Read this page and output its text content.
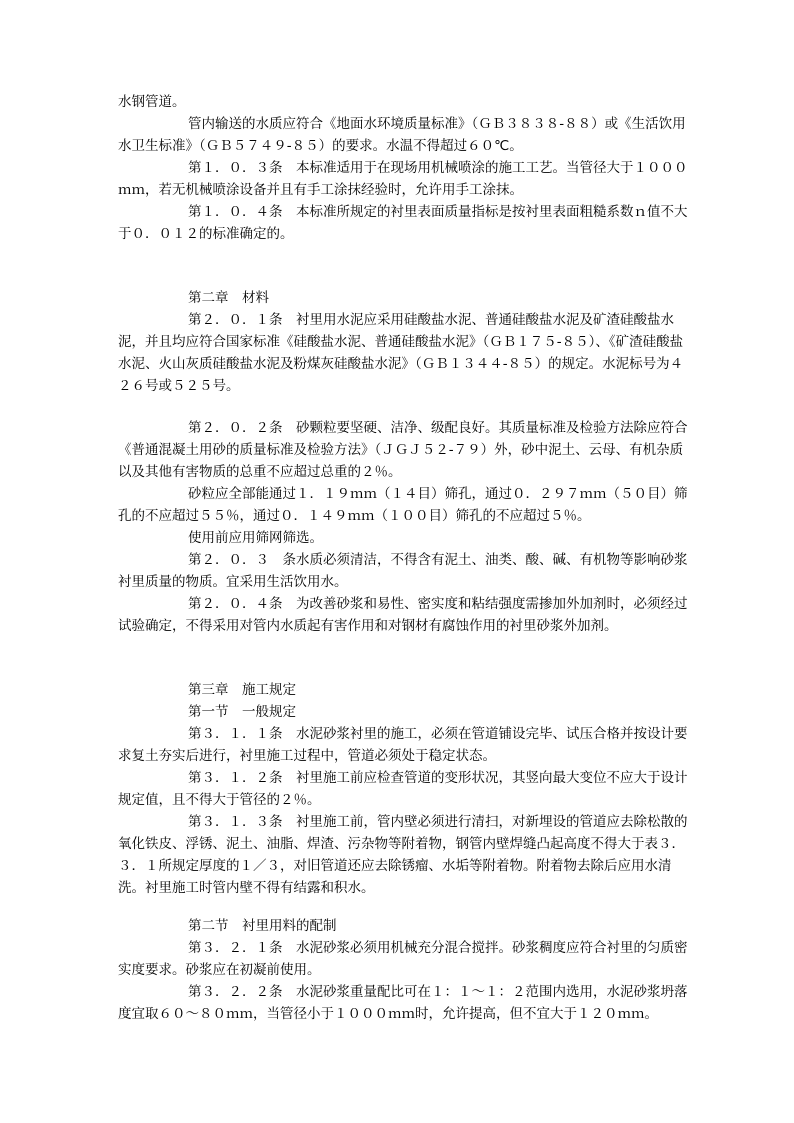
水钢管道。

管内输送的水质应符合《地面水环境质量标准》（ＧＢ３８３８-８８）或《生活饮用水卫生标准》（ＧＢ５７４９-８５）的要求。水温不得超过６０℃。

第１．０．３条　本标准适用于在现场用机械喷涂的施工工艺。当管径大于１０００ｍｍ，若无机械喷涂设备并且有手工涂抹经验时，允许用手工涂抹。

第１．０．４条　本标准所规定的衬里表面质量指标是按衬里表面粗糙系数ｎ值不大于０．０１２的标准确定的。

第二章　材料

第２．０．１条　衬里用水泥应采用硅酸盐水泥、普通硅酸盐水泥及矿渣硅酸盐水泥，并且均应符合国家标准《硅酸盐水泥、普通硅酸盐水泥》（ＧＢ１７５-８５）、《矿渣硅酸盐水泥、火山灰质硅酸盐水泥及粉煤灰硅酸盐水泥》（ＧＢ１３４４-８５）的规定。水泥标号为４２６号或５２５号。

第２．０．２条　砂颗粒要坚硬、洁净、级配良好。其质量标准及检验方法除应符合《普通混凝土用砂的质量标准及检验方法》（ＪＧＪ５２-７９）外，砂中泥土、云母、有机杂质以及其他有害物质的总重不应超过总重的２％。

砂粒应全部能通过１．１９ｍｍ（１４目）筛孔，通过０．２９７ｍｍ（５０目）筛孔的不应超过５５％，通过０．１４９ｍｍ（１００目）筛孔的不应超过５％。

使用前应用筛网筛选。

第２．０．３　条水质必须清洁，不得含有泥土、油类、酸、碱、有机物等影响砂浆衬里质量的物质。宜采用生活饮用水。

第２．０．４条　为改善砂浆和易性、密实度和粘结强度需掺加外加剂时，必须经过试验确定，不得采用对管内水质起有害作用和对钢材有腐蚀作用的衬里砂浆外加剂。

第三章　施工规定

第一节　一般规定

第３．１．１条　水泥砂浆衬里的施工，必须在管道铺设完毕、试压合格并按设计要求复土夯实后进行，衬里施工过程中，管道必须处于稳定状态。

第３．１．２条　衬里施工前应检查管道的变形状况，其竖向最大变位不应大于设计规定值，且不得大于管径的２％。

第３．１．３条　衬里施工前，管内壁必须进行清扫，对新埋设的管道应去除松散的氧化铁皮、浮锈、泥土、油脂、焊渣、污杂物等附着物，钢管内壁焊缝凸起高度不得大于表３．３．１所规定厚度的１／３，对旧管道还应去除锈瘤、水垢等附着物。附着物去除后应用水清洗。衬里施工时管内壁不得有结露和积水。

第二节　衬里用料的配制

第３．２．１条　水泥砂浆必须用机械充分混合搅拌。砂浆稠度应符合衬里的匀质密实度要求。砂浆应在初凝前使用。

第３．２．２条　水泥砂浆重量配比可在１：１～１：２范围内选用，水泥砂浆坍落度宜取６０～８０ｍｍ，当管径小于１０００ｍｍ时，允许提高，但不宜大于１２０ｍｍ。
